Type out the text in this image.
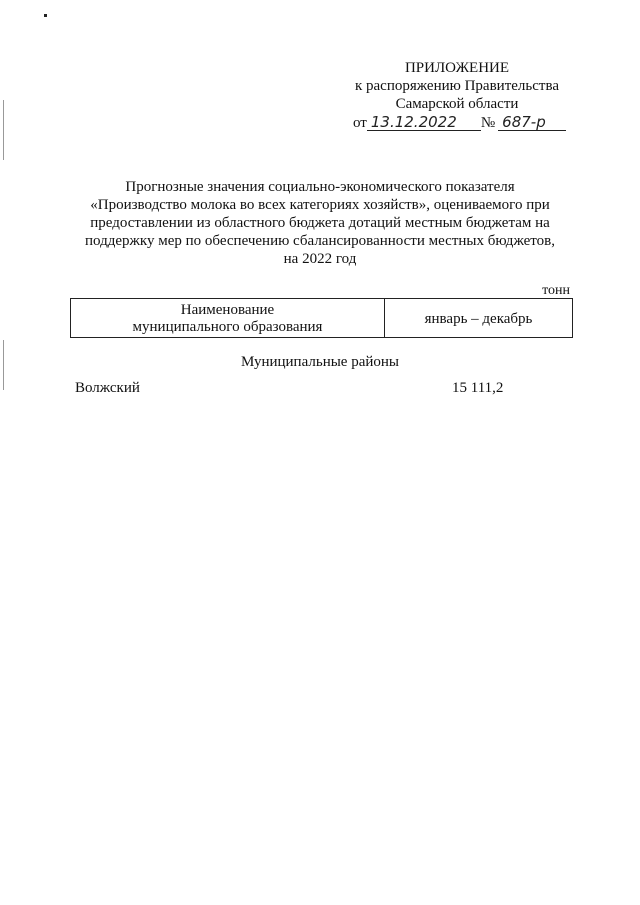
ПРИЛОЖЕНИЕ
к распоряжению Правительства
Самарской области
от 13.12.2022 № 687-р
Прогнозные значения социально-экономического показателя
«Производство молока во всех категориях хозяйств», оцениваемого при
предоставлении из областного бюджета дотаций местным бюджетам на
поддержку мер по обеспечению сбалансированности местных бюджетов,
на 2022 год
тонн
Наименование
муниципального образования	январь – декабрь
Муниципальные районы
Волжский	15 111,2
